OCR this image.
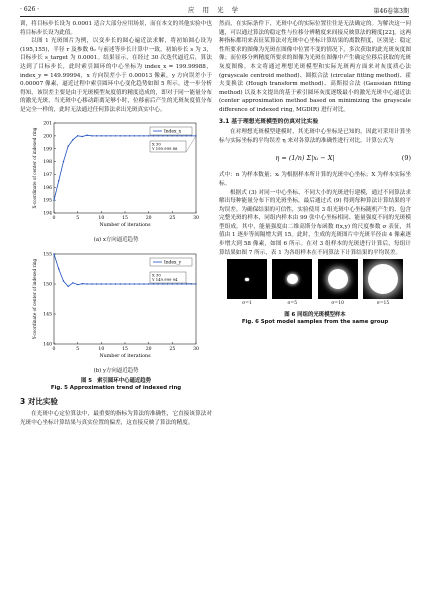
· 626 ·	应 用 光 学	第46卷第3期

训，将目标步长设为 0.0001 适合大部分应用场景，而在本文的其他实验中也将目标步长设为此值。

以图 1 光斑图片为例，以变步长的圆心遍近法求解，将初始圆心设为 (195,155)，半径 r 及参数 θ₀ 与前述等步长计算中一致，初始步长 s 为 3，目标步长 s_target 为 0.0001。结果显示，在经过 30 次迭代逼近后，算法达到了目标步长，此时索引圆环的中心坐标为 index_x = 199.99988，index_y = 149.99994，x 方向误差小于 0.00013 像素，y 方向误差小于 0.00007 像素，逼近过程中索引圆环中心变化趋势如图 5 所示。进一步分析得知，该误差主要是由于光斑模型灰度值的精度造成的，即对于同一能量分布的激光光斑，当光斑中心移动距离足够小时，位移前后产生的光斑灰度值分布是完全一样的，此时无法通过任何算法求出光斑真实中心。

0	5	10	15	20	25	30
194
195
196
197
198
199
200
201
Number of iterations
X-coordinate of center of indexed ring	Index_x
X 30
Y 199.999 88
(a) x方向逼近趋势
0	5	10	15	20	25	30
140
145
150
155
Number of iterations
Y-coordinate of center of indexed ring	Index_y
X 30
Y 149.999 94
(b) y方向逼近趋势
图 5 索引圆环中心逼近趋势
Fig. 5 Approximation trend of indexed ring
3 对比实验

在光斑中心定位算法中，最重要的指标为算法的准确性，它直接该算法对光斑中心坐标计算结果与真实位置的偏差，这直接反映了算法的精度。

然而，在实际条件下，光斑中心的实际位置往往是无法确定的。为解决这一问题，可以通过算法的稳定性与位移分辨精度来间接反映算法的精度[22]，这两种指标都用来表征某算法对光斑中心坐标计算结果的离散程度，区别是：稳定性所要求的图像为光斑在图像中位置不变的情况下，多次获取的此光斑灰度图像；而位移分辨精度所要求的图像为光斑在图像中产生确定位移后获取的光斑灰度图像。本文将通过理想光斑模型和实际光斑两方面来对灰度质心法 (grayscale centroid method)、圆拟合法 (circular fitting method)、霍夫变换法 (Hough transform method)、高斯拟合法 (Gaussian fitting method) 以及本文提出的基于索引圆环灰度逐级最小的激光光斑中心逼近法 (center approximation method based on minimizing the grayscale difference of indexed ring, MGDIR) 进行对比。

3.1 基于理想光斑模型的仿真对比实验

在对理想光斑模型建模时，其光斑中心坐标是已知的，因此可采用计算坐标与实际坐标的平均误差 η 来对各算法的准确性进行对比。计算公式为

η = (1/n) Σ|xᵢ − X|	(9)

式中：n 为样本数量；xᵢ 为根据样本所计算的光斑中心坐标；X 为样本实际坐标。

根据式 (3) 对同一中心坐标、不同大小的光斑进行建模，通过不同算法求解出每种能量分布下的光斑坐标，最后通过式 (9) 得到每种算法计算结果的平均误差。为确保结果的可信性，实验使用 3 组光斑中心坐标随机产生的、包含完整光斑的样本，同组内样本由 99 张中心坐标相同、能量强度不同的光斑模型组成。其中，能量强度由二维高斯分布函数 f(x,y) 的尺度参数 σ 表征，其值由 1 逐步等间隔增大到 15。此时，生成的光斑图片中光斑半径由 4 像素逐步增大到 58 像素，如图 6 所示。在对 3 组样本的光斑进行计算后，每组计算结果如图 7 所示，表 1 为各组样本在不同算法下计算结果的平均误差。

σ=1	σ=5	σ=10	σ=15
图 6 同组的光斑模型样本
Fig. 6 Spot model samples from the same group
